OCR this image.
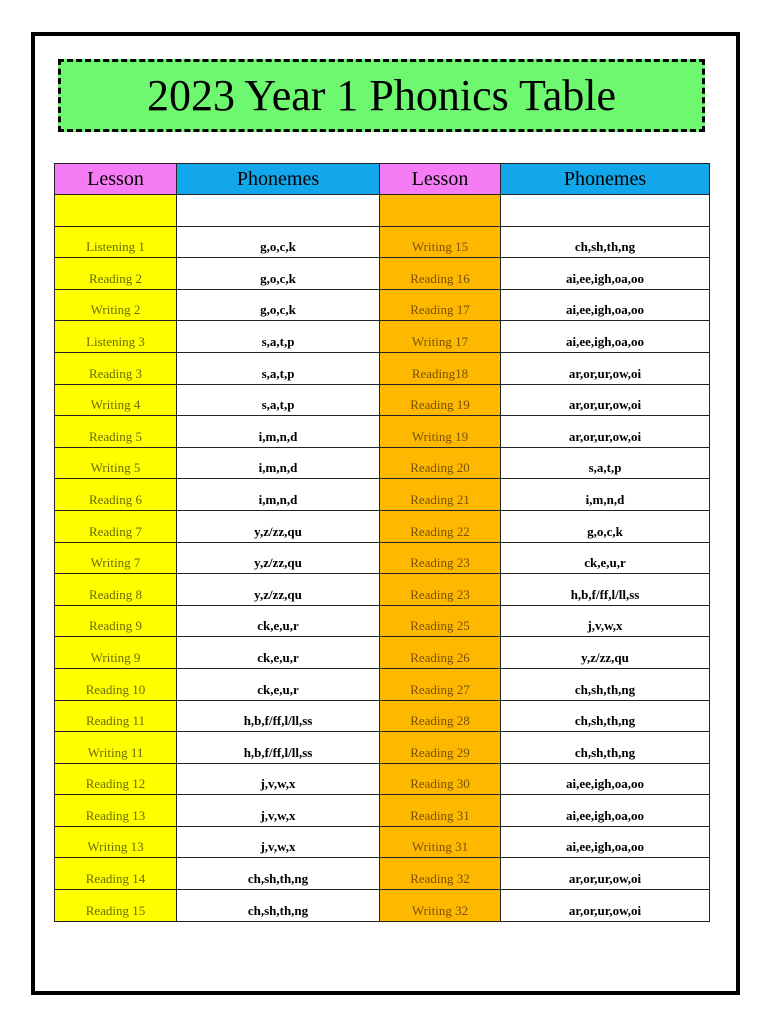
2023 Year 1 Phonics Table
Lesson	Phonemes	Lesson	Phonemes

Listening 1	g,o,c,k	Writing 15	ch,sh,th,ng
Reading 2	g,o,c,k	Reading 16	ai,ee,igh,oa,oo
Writing 2	g,o,c,k	Reading 17	ai,ee,igh,oa,oo
Listening 3	s,a,t,p	Writing 17	ai,ee,igh,oa,oo
Reading 3	s,a,t,p	Reading18	ar,or,ur,ow,oi
Writing 4	s,a,t,p	Reading 19	ar,or,ur,ow,oi
Reading 5	i,m,n,d	Writing 19	ar,or,ur,ow,oi
Writing 5	i,m,n,d	Reading 20	s,a,t,p
Reading 6	i,m,n,d	Reading 21	i,m,n,d
Reading 7	y,z/zz,qu	Reading 22	g,o,c,k
Writing 7	y,z/zz,qu	Reading 23	ck,e,u,r
Reading 8	y,z/zz,qu	Reading 23	h,b,f/ff,l/ll,ss
Reading 9	ck,e,u,r	Reading 25	j,v,w,x
Writing 9	ck,e,u,r	Reading 26	y,z/zz,qu
Reading 10	ck,e,u,r	Reading 27	ch,sh,th,ng
Reading 11	h,b,f/ff,l/ll,ss	Reading 28	ch,sh,th,ng
Writing 11	h,b,f/ff,l/ll,ss	Reading 29	ch,sh,th,ng
Reading 12	j,v,w,x	Reading 30	ai,ee,igh,oa,oo
Reading 13	j,v,w,x	Reading 31	ai,ee,igh,oa,oo
Writing 13	j,v,w,x	Writing 31	ai,ee,igh,oa,oo
Reading 14	ch,sh,th,ng	Reading 32	ar,or,ur,ow,oi
Reading 15	ch,sh,th,ng	Writing 32	ar,or,ur,ow,oi
